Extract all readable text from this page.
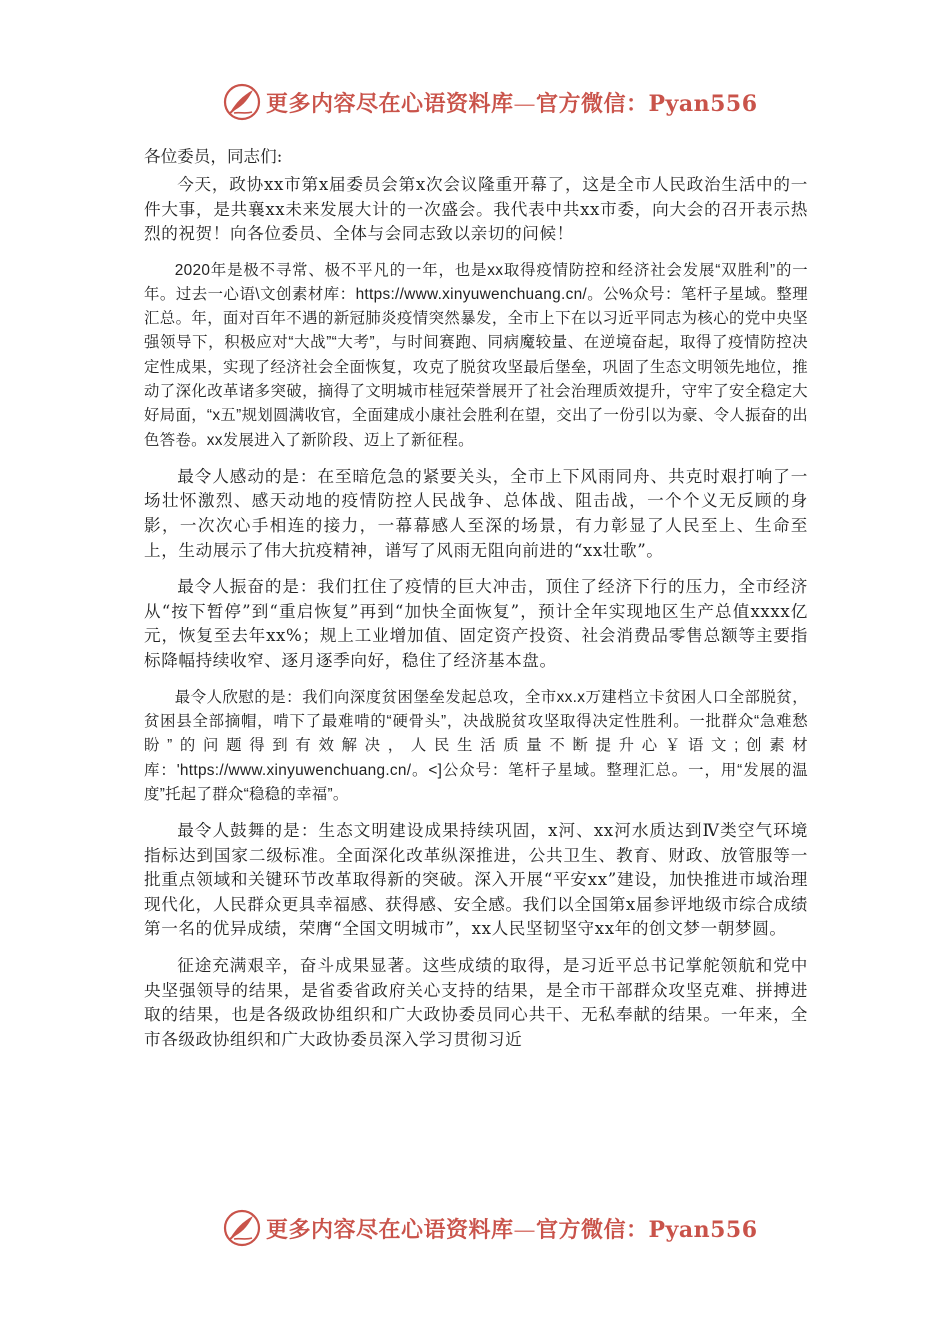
更多内容尽在心语资料库—官方微信：Pyan556

各位委员，同志们:

今天，政协xx市第x届委员会第x次会议隆重开幕了，这是全市人民政治生活中的一件大事，是共襄xx未来发展大计的一次盛会。我代表中共xx市委，向大会的召开表示热烈的祝贺！向各位委员、全体与会同志致以亲切的问候！

2020年是极不寻常、极不平凡的一年，也是xx取得疫情防控和经济社会发展“双胜利”的一年。过去一心语\文创素材库：https://www.xinyuwenchuang.cn/。公%众号：笔杆子星域。整理汇总。年，面对百年不遇的新冠肺炎疫情突然暴发，全市上下在以习近平同志为核心的党中央坚强领导下，积极应对“大战”“大考”，与时间赛跑、同病魔较量、在逆境奋起，取得了疫情防控决定性成果，实现了经济社会全面恢复，攻克了脱贫攻坚最后堡垒，巩固了生态文明领先地位，推动了深化改革诸多突破，摘得了文明城市桂冠荣誉展开了社会治理质效提升，守牢了安全稳定大好局面，“x五”规划圆满收官，全面建成小康社会胜利在望，交出了一份引以为豪、令人振奋的出色答卷。xx发展进入了新阶段、迈上了新征程。

最令人感动的是：在至暗危急的紧要关头，全市上下风雨同舟、共克时艰打响了一场壮怀激烈、感天动地的疫情防控人民战争、总体战、阻击战，一个个义无反顾的身影，一次次心手相连的接力，一幕幕感人至深的场景，有力彰显了人民至上、生命至上，生动展示了伟大抗疫精神，谱写了风雨无阻向前进的“xx壮歌”。

最令人振奋的是：我们扛住了疫情的巨大冲击，顶住了经济下行的压力，全市经济从“按下暂停”到“重启恢复”再到“加快全面恢复”，预计全年实现地区生产总值xxxx亿元，恢复至去年xx%；规上工业增加值、固定资产投资、社会消费品零售总额等主要指标降幅持续收窄、逐月逐季向好，稳住了经济基本盘。

最令人欣慰的是：我们向深度贫困堡垒发起总攻，全市xx.x万建档立卡贫困人口全部脱贫，贫困县全部摘帽，啃下了最难啃的“硬骨头”，决战脱贫攻坚取得决定性胜利。一批群众“急难愁盼”的问题得到有效解决，人民生活质量不断提升心￥语文;创素材库：'https://www.xinyuwenchuang.cn/。<]公众号：笔杆子星域。整理汇总。一，用“发展的温度”托起了群众“稳稳的幸福”。

最令人鼓舞的是：生态文明建设成果持续巩固，x河、xx河水质达到Ⅳ类空气环境指标达到国家二级标准。全面深化改革纵深推进，公共卫生、教育、财政、放管服等一批重点领域和关键环节改革取得新的突破。深入开展“平安xx”建设，加快推进市域治理现代化，人民群众更具幸福感、获得感、安全感。我们以全国第x届参评地级市综合成绩第一名的优异成绩，荣膺“全国文明城市”，xx人民坚韧坚守xx年的创文梦一朝梦圆。

征途充满艰辛，奋斗成果显著。这些成绩的取得，是习近平总书记掌舵领航和党中央坚强领导的结果，是省委省政府关心支持的结果，是全市干部群众攻坚克难、拼搏进取的结果，也是各级政协组织和广大政协委员同心共干、无私奉献的结果。一年来，全市各级政协组织和广大政协委员深入学习贯彻习近

更多内容尽在心语资料库—官方微信：Pyan556
